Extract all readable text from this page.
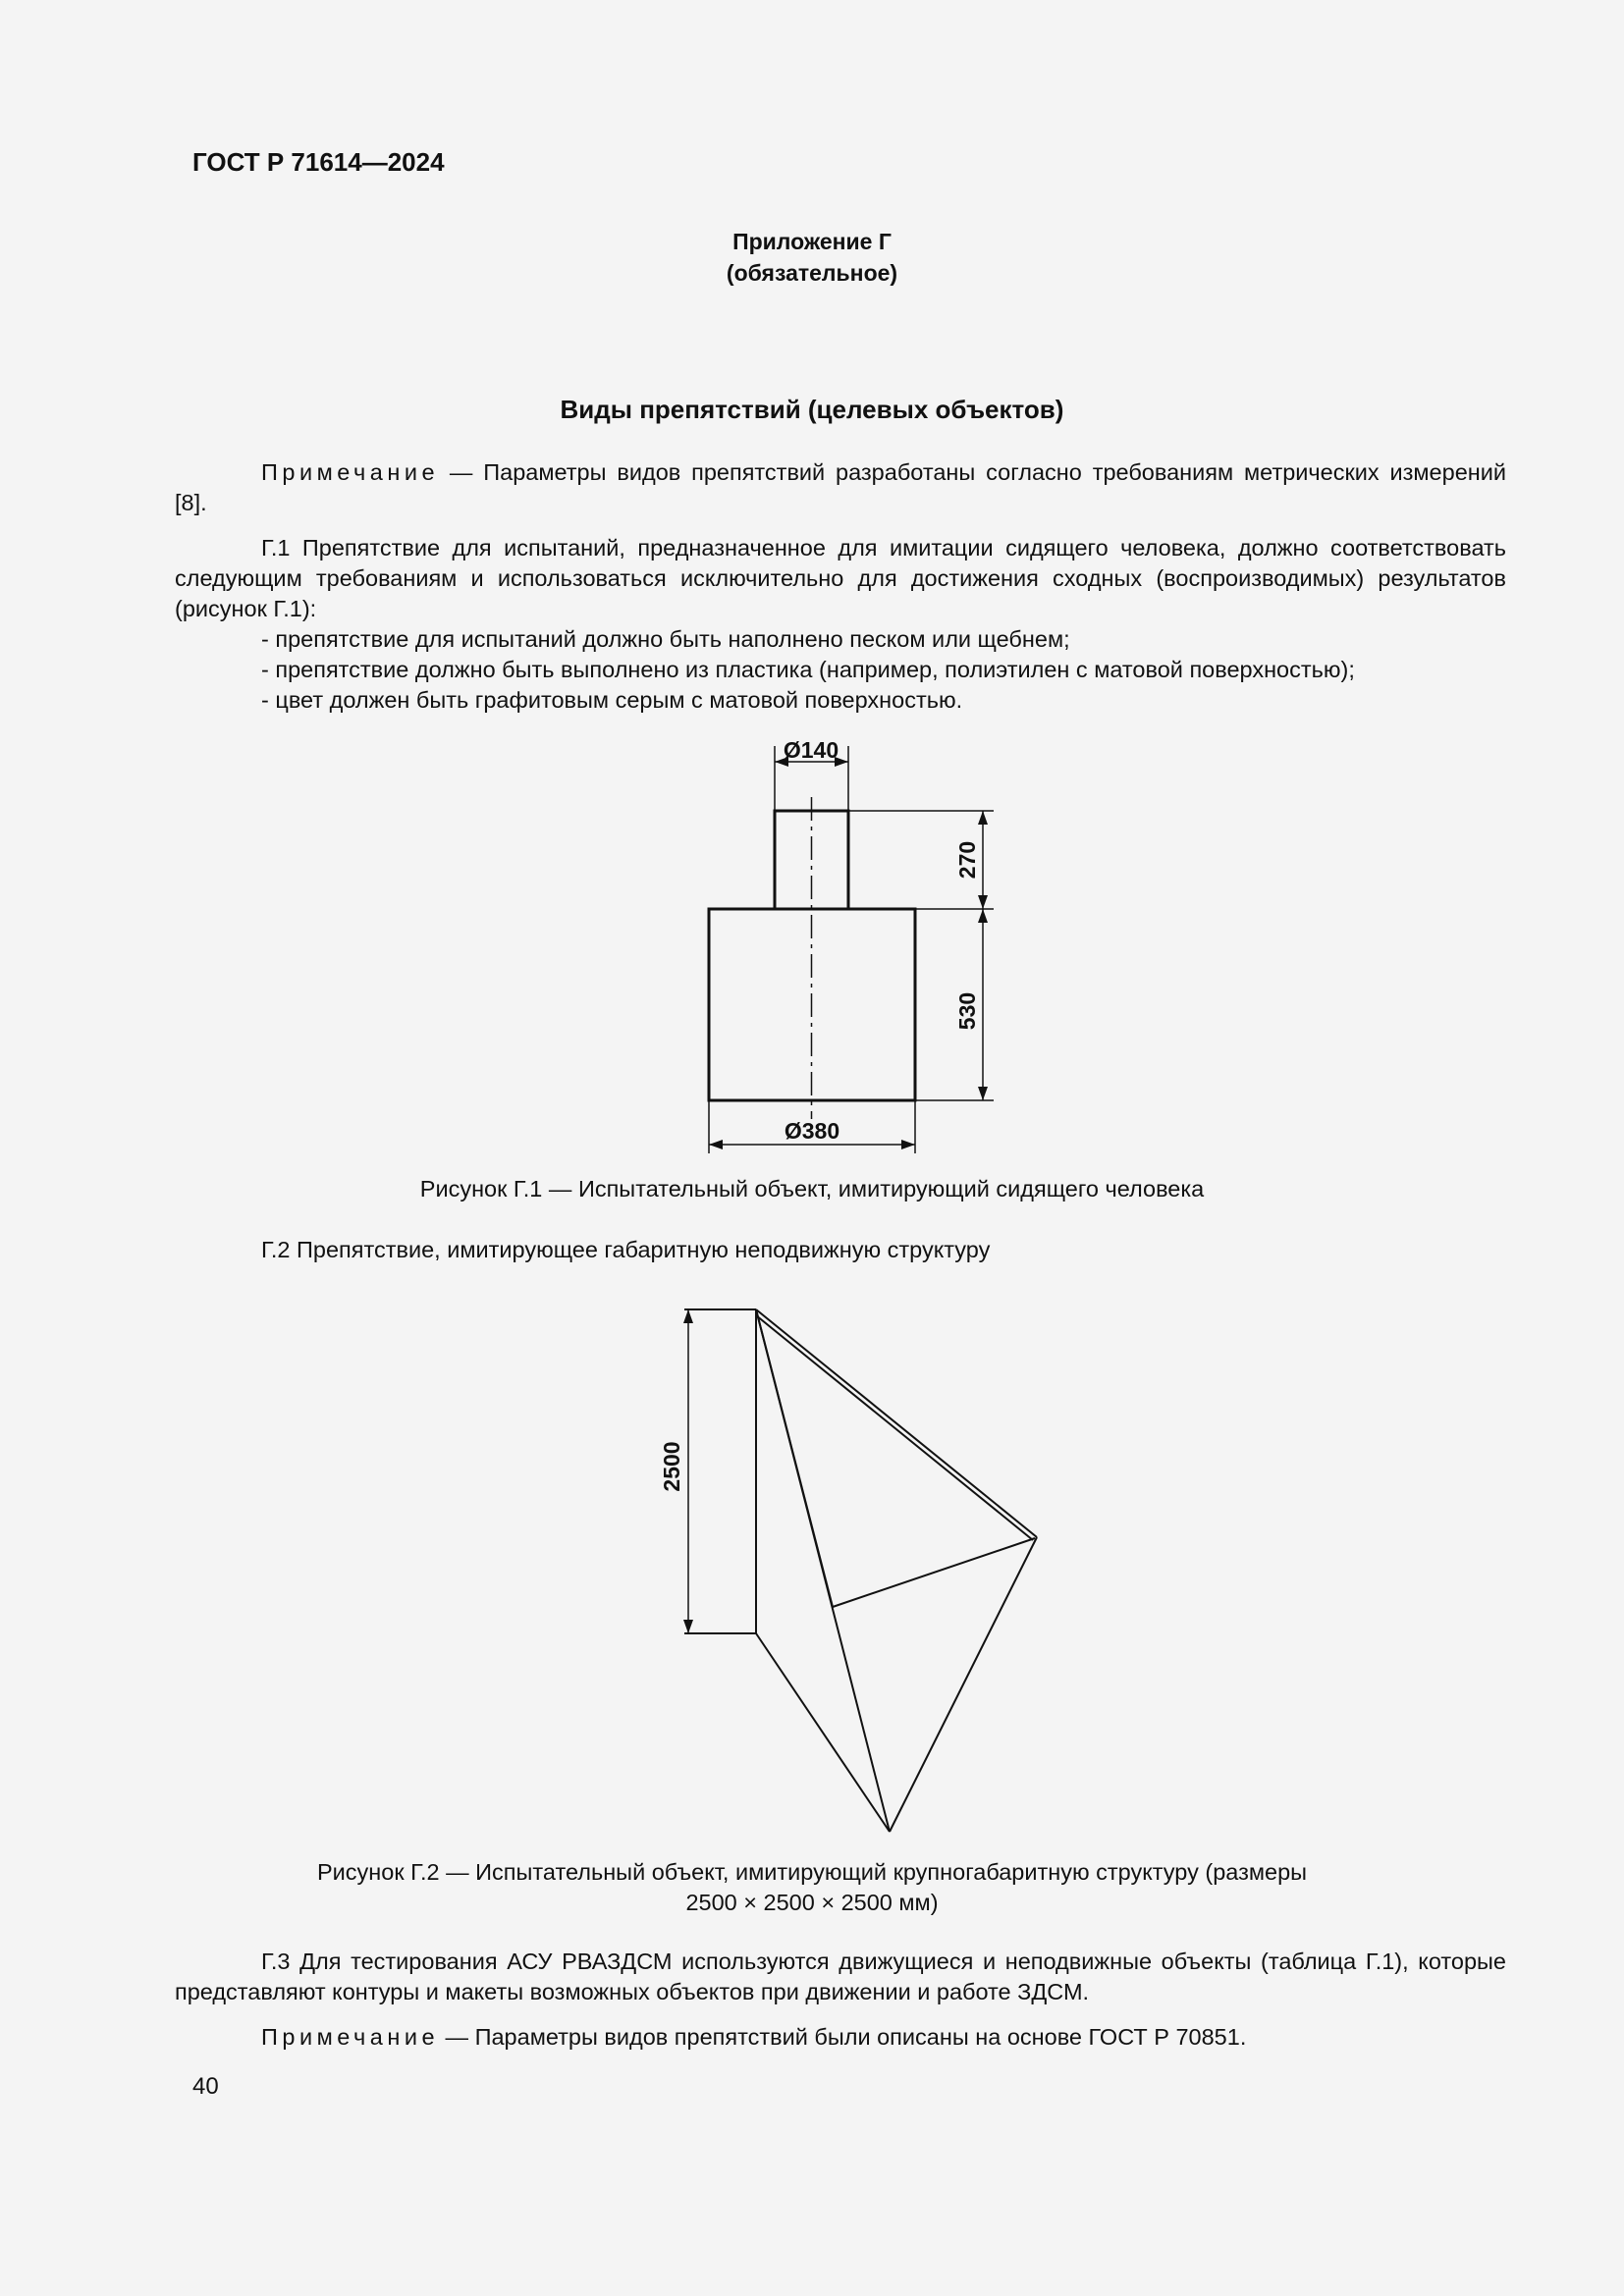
ГОСТ Р 71614—2024
Приложение Г
(обязательное)
Виды препятствий (целевых объектов)
Примечание — Параметры видов препятствий разработаны согласно требованиям метрических измерений [8].
Г.1 Препятствие для испытаний, предназначенное для имитации сидящего человека, должно соответствовать следующим требованиям и использоваться исключительно для достижения сходных (воспроизводимых) результатов (рисунок Г.1):
- препятствие для испытаний должно быть наполнено песком или щебнем;
- препятствие должно быть выполнено из пластика (например, полиэтилен с матовой поверхностью);
- цвет должен быть графитовым серым с матовой поверхностью.
Ø140
Ø380
270
530
Рисунок Г.1 — Испытательный объект, имитирующий сидящего человека
Г.2 Препятствие, имитирующее габаритную неподвижную структуру
2500
Рисунок Г.2 — Испытательный объект, имитирующий крупногабаритную структуру (размеры
2500 × 2500 × 2500 мм)
Г.3 Для тестирования АСУ РВАЗДСМ используются движущиеся и неподвижные объекты (таблица Г.1), которые представляют контуры и макеты возможных объектов при движении и работе ЗДСМ.
Примечание — Параметры видов препятствий были описаны на основе ГОСТ Р 70851.
40
